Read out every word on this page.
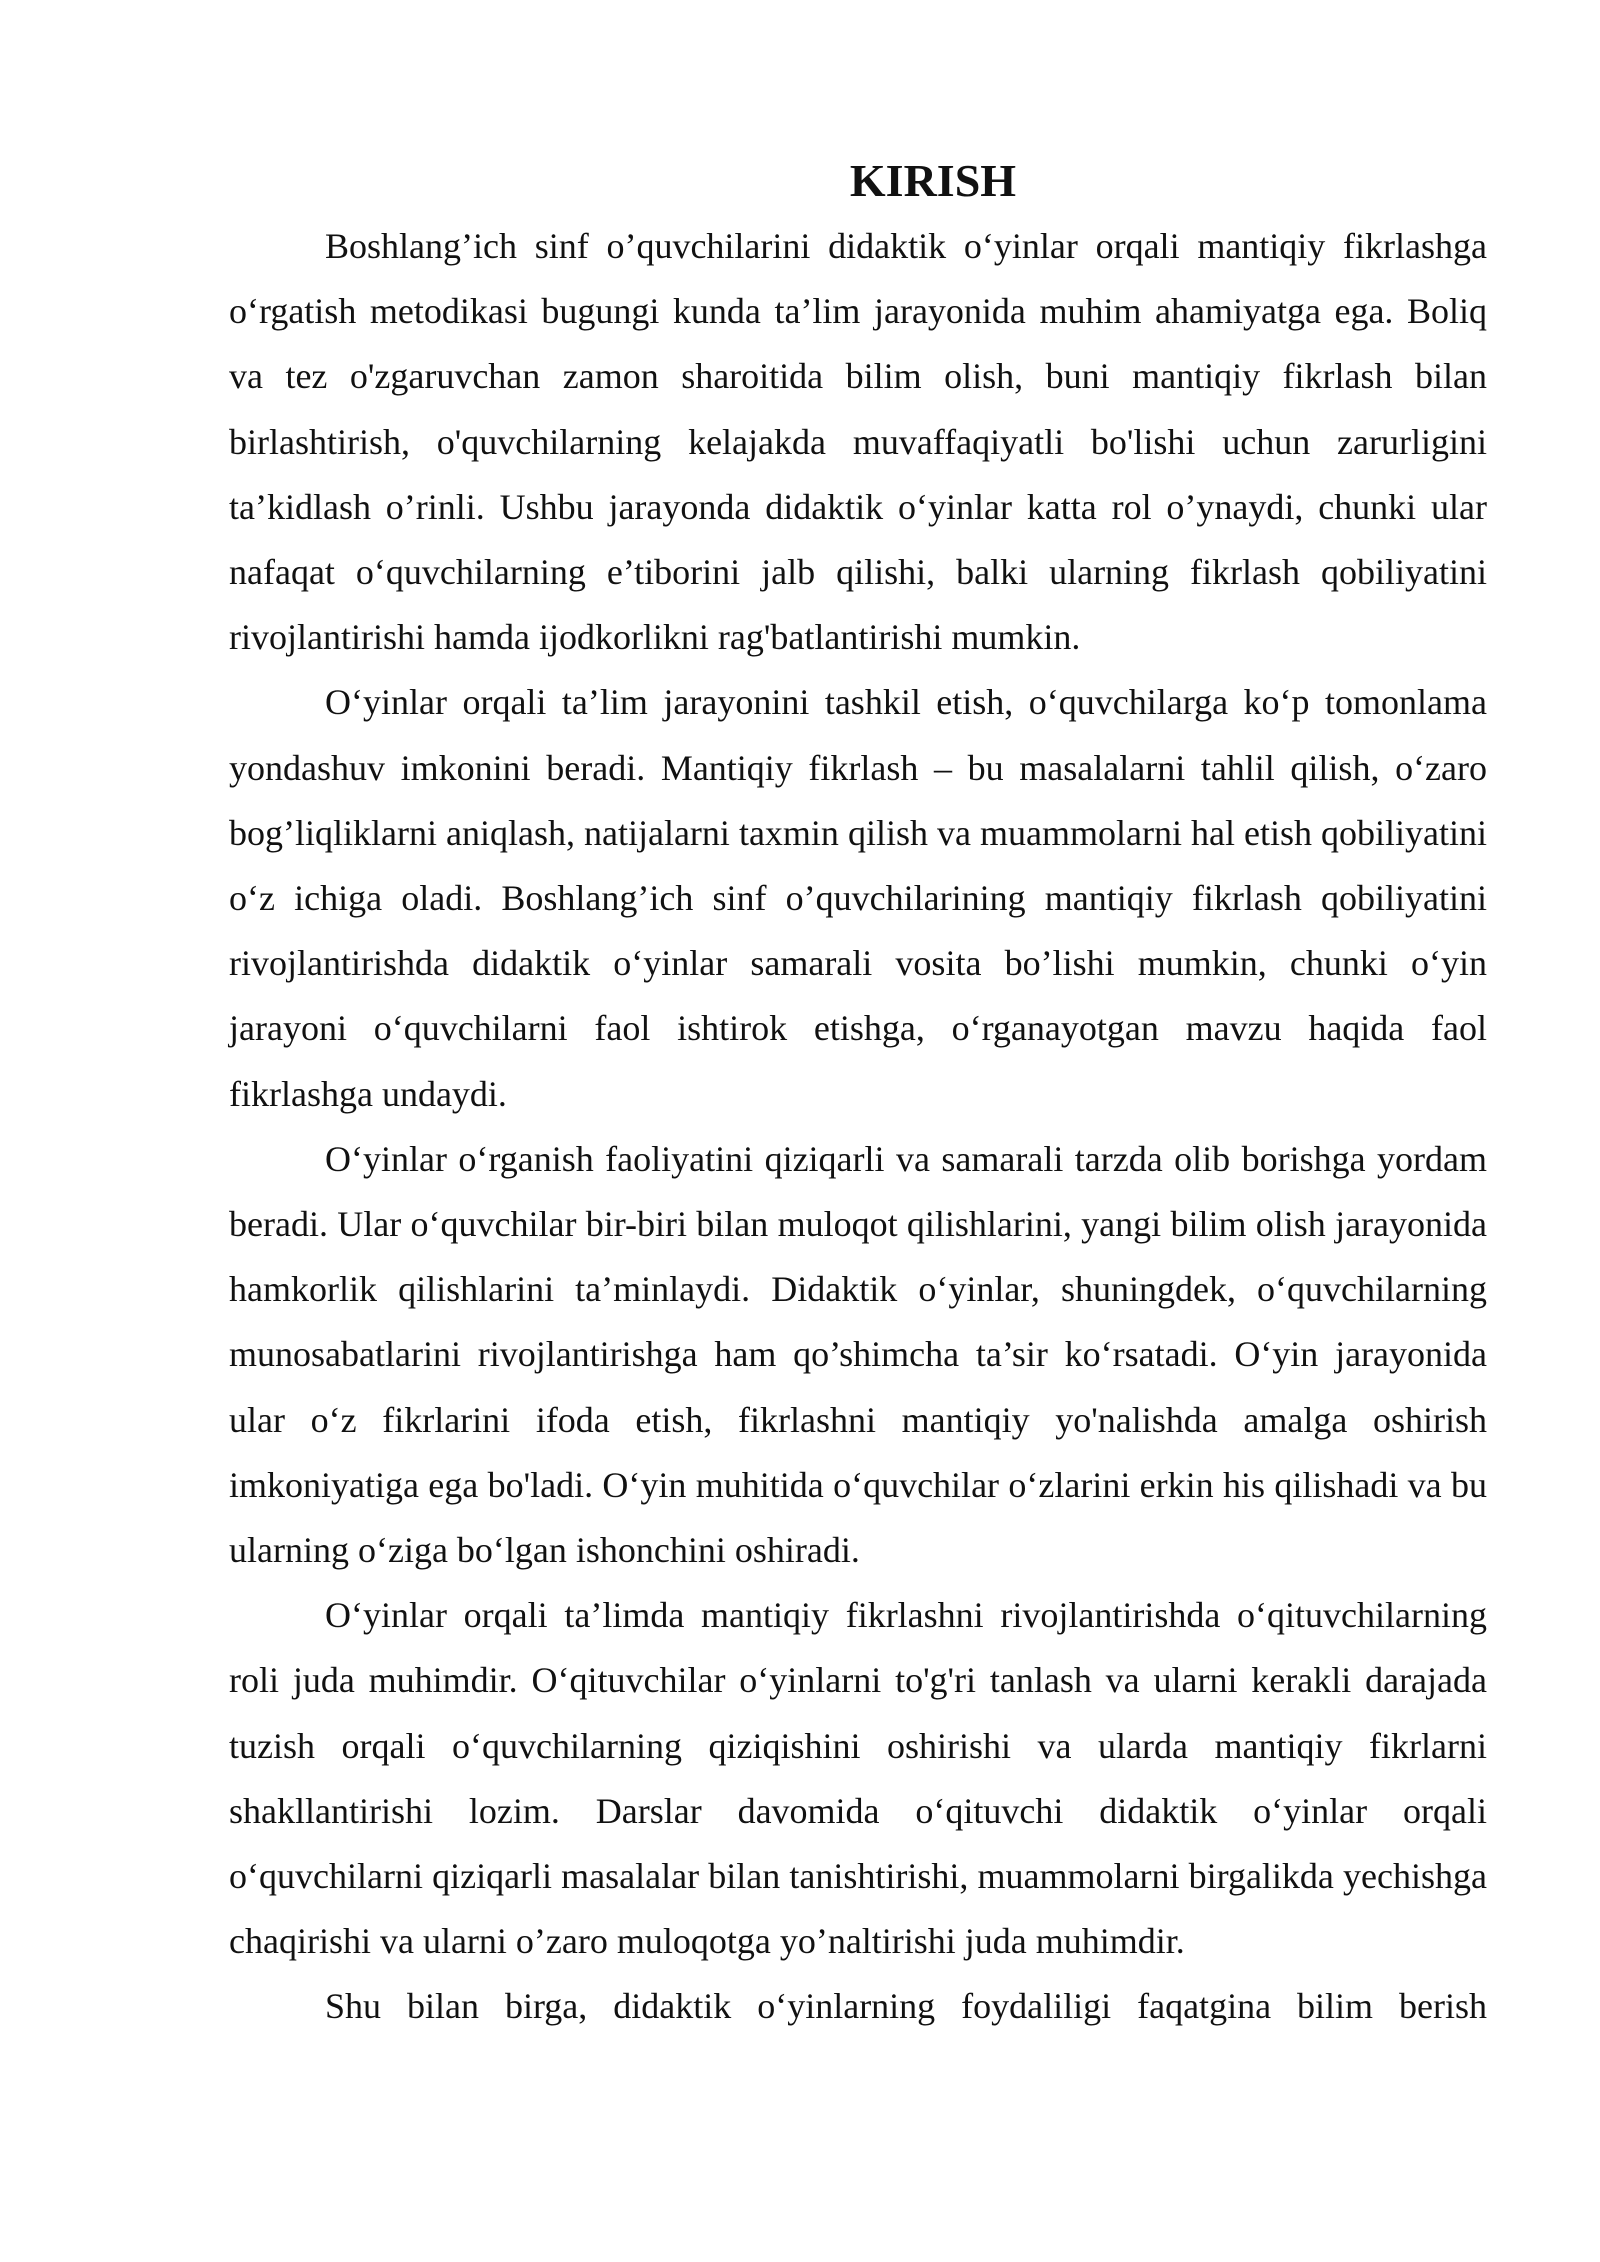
KIRISH

Boshlang’ich sinf o’quvchilarini didaktik o‘yinlar orqali mantiqiy fikrlashga o‘rgatish metodikasi bugungi kunda ta’lim jarayonida muhim ahamiyatga ega. Boliq va tez o'zgaruvchan zamon sharoitida bilim olish, buni mantiqiy fikrlash bilan birlashtirish, o'quvchilarning kelajakda muvaffaqiyatli bo'lishi uchun zarurligini ta’kidlash o’rinli. Ushbu jarayonda didaktik o‘yinlar katta rol o’ynaydi, chunki ular nafaqat o‘quvchilarning e’tiborini jalb qilishi, balki ularning fikrlash qobiliyatini rivojlantirishi hamda ijodkorlikni rag'batlantirishi mumkin.

O‘yinlar orqali ta’lim jarayonini tashkil etish, o‘quvchilarga ko‘p tomonlama yondashuv imkonini beradi. Mantiqiy fikrlash – bu masalalarni tahlil qilish, o‘zaro bog’liqliklarni aniqlash, natijalarni taxmin qilish va muammolarni hal etish qobiliyatini o‘z ichiga oladi. Boshlang’ich sinf o’quvchilarining mantiqiy fikrlash qobiliyatini rivojlantirishda didaktik o‘yinlar samarali vosita bo’lishi mumkin, chunki o‘yin jarayoni o‘quvchilarni faol ishtirok etishga, o‘rganayotgan mavzu haqida faol fikrlashga undaydi.

O‘yinlar o‘rganish faoliyatini qiziqarli va samarali tarzda olib borishga yordam beradi. Ular o‘quvchilar bir-biri bilan muloqot qilishlarini, yangi bilim olish jarayonida hamkorlik qilishlarini ta’minlaydi. Didaktik o‘yinlar, shuningdek, o‘quvchilarning munosabatlarini rivojlantirishga ham qo’shimcha ta’sir ko‘rsatadi. O‘yin jarayonida ular o‘z fikrlarini ifoda etish, fikrlashni mantiqiy yo'nalishda amalga oshirish imkoniyatiga ega bo'ladi. O‘yin muhitida o‘quvchilar o‘zlarini erkin his qilishadi va bu ularning o‘ziga bo‘lgan ishonchini oshiradi.

O‘yinlar orqali ta’limda mantiqiy fikrlashni rivojlantirishda o‘qituvchilarning roli juda muhimdir. O‘qituvchilar o‘yinlarni to'g'ri tanlash va ularni kerakli darajada tuzish orqali o‘quvchilarning qiziqishini oshirishi va ularda mantiqiy fikrlarni shakllantirishi lozim. Darslar davomida o‘qituvchi didaktik o‘yinlar orqali o‘quvchilarni qiziqarli masalalar bilan tanishtirishi, muammolarni birgalikda yechishga chaqirishi va ularni o’zaro muloqotga yo’naltirishi juda muhimdir.

Shu bilan birga, didaktik o‘yinlarning foydaliligi faqatgina bilim berish
